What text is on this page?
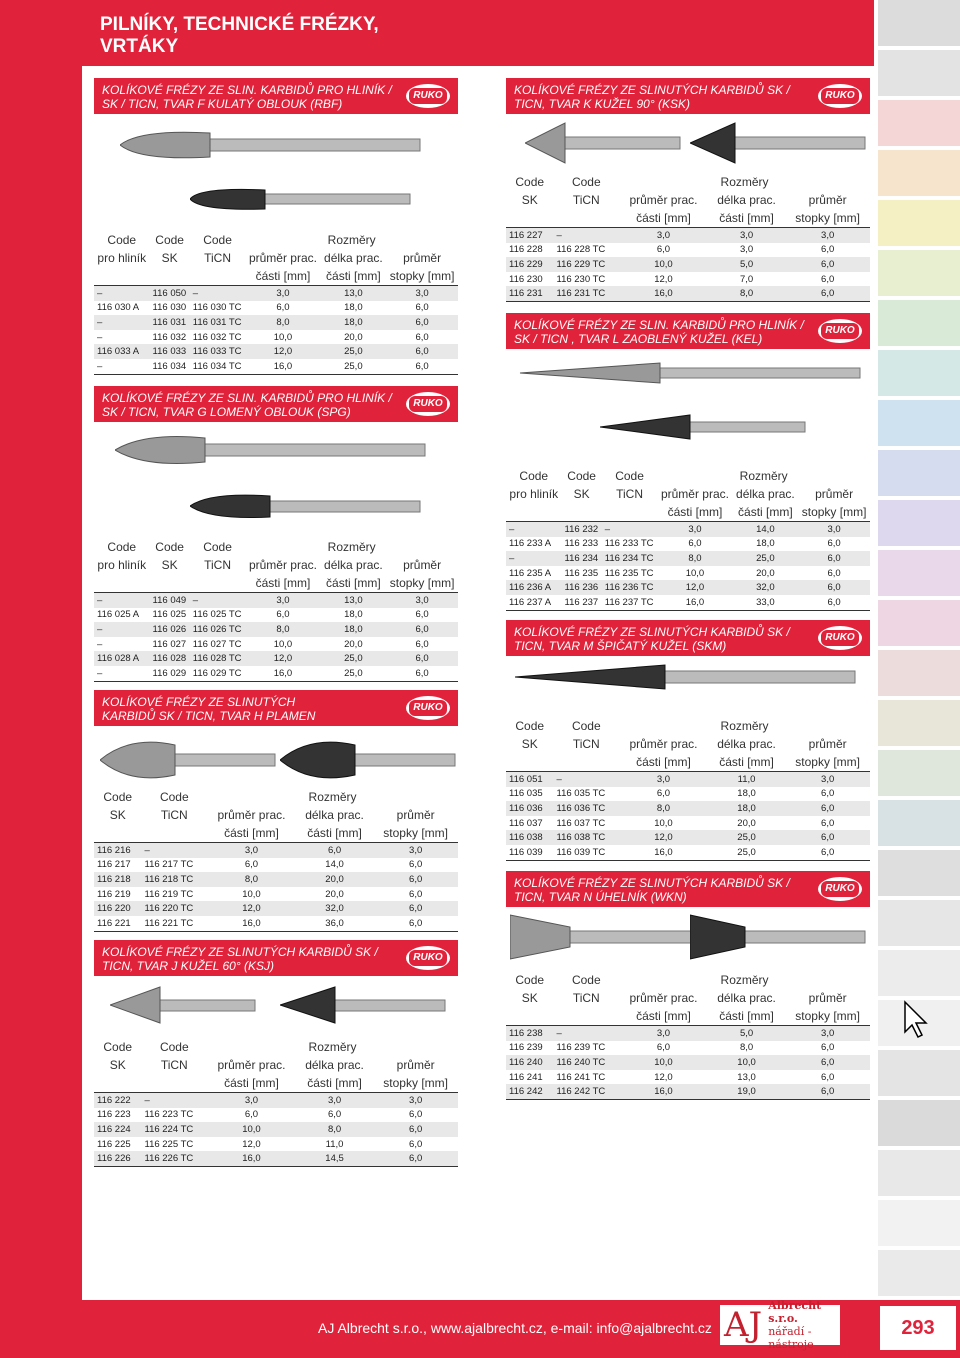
PILNÍKY, TECHNICKÉ FRÉZKY, VRTÁKY
KOLÍKOVÉ FRÉZY ZE SLIN. KARBIDŮ PRO HLINÍK / SK / TICN, TVAR F KULATÝ OBLOUK (RBF)
RUKO
Code	Code	Code	Rozměry		
pro hliník	SK	TiCN	průměr prac.	délka prac.	průměr
			části [mm]	části [mm]	stopky [mm]
–	116 050	–	3,0	13,0	3,0
116 030 A	116 030	116 030 TC	6,0	18,0	6,0
–	116 031	116 031 TC	8,0	18,0	6,0
–	116 032	116 032 TC	10,0	20,0	6,0
116 033 A	116 033	116 033 TC	12,0	25,0	6,0
–	116 034	116 034 TC	16,0	25,0	6,0
KOLÍKOVÉ FRÉZY ZE SLINUTÝCH KARBIDŮ SK / TICN, TVAR K KUŽEL 90° (KSK)
RUKO
Code	Code	Rozměry		
SK	TiCN	průměr prac.	délka prac.	průměr
		části [mm]	části [mm]	stopky [mm]
116 227	–	3,0	3,0	3,0
116 228	116 228 TC	6,0	3,0	6,0
116 229	116 229 TC	10,0	5,0	6,0
116 230	116 230 TC	12,0	7,0	6,0
116 231	116 231 TC	16,0	8,0	6,0
KOLÍKOVÉ FRÉZY ZE SLIN. KARBIDŮ PRO HLINÍK / SK / TICN , TVAR L ZAOBLENÝ KUŽEL (KEL)
RUKO
Code	Code	Code	Rozměry		
pro hliník	SK	TiCN	průměr prac.	délka prac.	průměr
			části [mm]	části [mm]	stopky [mm]
–	116 232	–	3,0	14,0	3,0
116 233 A	116 233	116 233 TC	6,0	18,0	6,0
–	116 234	116 234 TC	8,0	25,0	6,0
116 235 A	116 235	116 235 TC	10,0	20,0	6,0
116 236 A	116 236	116 236 TC	12,0	32,0	6,0
116 237 A	116 237	116 237 TC	16,0	33,0	6,0
KOLÍKOVÉ FRÉZY ZE SLIN. KARBIDŮ PRO HLINÍK / SK / TICN, TVAR G LOMENÝ OBLOUK (SPG)
RUKO
Code	Code	Code	Rozměry		
pro hliník	SK	TiCN	průměr prac.	délka prac.	průměr
			části [mm]	části [mm]	stopky [mm]
–	116 049	–	3,0	13,0	3,0
116 025 A	116 025	116 025 TC	6,0	18,0	6,0
–	116 026	116 026 TC	8,0	18,0	6,0
–	116 027	116 027 TC	10,0	20,0	6,0
116 028 A	116 028	116 028 TC	12,0	25,0	6,0
–	116 029	116 029 TC	16,0	25,0	6,0
KOLÍKOVÉ FRÉZY ZE SLINUTÝCH KARBIDŮ SK / TICN, TVAR M ŠPIČATÝ KUŽEL (SKM)
RUKO
Code	Code	Rozměry		
SK	TiCN	průměr prac.	délka prac.	průměr
		části [mm]	části [mm]	stopky [mm]
116 051	–	3,0	11,0	3,0
116 035	116 035 TC	6,0	18,0	6,0
116 036	116 036 TC	8,0	18,0	6,0
116 037	116 037 TC	10,0	20,0	6,0
116 038	116 038 TC	12,0	25,0	6,0
116 039	116 039 TC	16,0	25,0	6,0
KOLÍKOVÉ FRÉZY ZE SLINUTÝCH KARBIDŮ SK / TICN, TVAR H PLAMEN
RUKO
Code	Code	Rozměry		
SK	TiCN	průměr prac.	délka prac.	průměr
		části [mm]	části [mm]	stopky [mm]
116 216	–	3,0	6,0	3,0
116 217	116 217 TC	6,0	14,0	6,0
116 218	116 218 TC	8,0	20,0	6,0
116 219	116 219 TC	10,0	20,0	6,0
116 220	116 220 TC	12,0	32,0	6,0
116 221	116 221 TC	16,0	36,0	6,0
KOLÍKOVÉ FRÉZY ZE SLINUTÝCH KARBIDŮ SK / TICN, TVAR N ÚHELNÍK (WKN)
RUKO
Code	Code	Rozměry		
SK	TiCN	průměr prac.	délka prac.	průměr
		části [mm]	části [mm]	stopky [mm]
116 238	–	3,0	5,0	3,0
116 239	116 239 TC	6,0	8,0	6,0
116 240	116 240 TC	10,0	10,0	6,0
116 241	116 241 TC	12,0	13,0	6,0
116 242	116 242 TC	16,0	19,0	6,0
KOLÍKOVÉ FRÉZY ZE SLINUTÝCH KARBIDŮ SK / TICN, TVAR J KUŽEL 60° (KSJ)
RUKO
Code	Code	Rozměry		
SK	TiCN	průměr prac.	délka prac.	průměr
		části [mm]	části [mm]	stopky [mm]
116 222	–	3,0	3,0	3,0
116 223	116 223 TC	6,0	6,0	6,0
116 224	116 224 TC	10,0	8,0	6,0
116 225	116 225 TC	12,0	11,0	6,0
116 226	116 226 TC	16,0	14,5	6,0
AJ Albrecht s.r.o., www.ajalbrecht.cz, e-mail: info@ajalbrecht.cz AJ Albrecht s.r.o.
nářadí - nástroje
293
